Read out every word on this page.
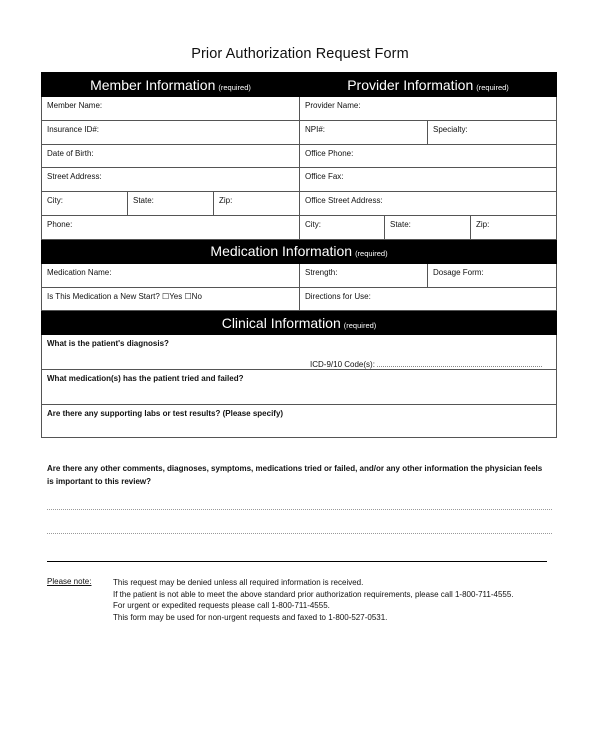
Prior Authorization Request Form
Member Information (required)	Provider Information (required)
Member Name:	Provider Name:
Insurance ID#:	NPI#: Specialty:

Date of Birth:	Office Phone:
Street Address:	Office Fax:

City: State: Zip:	Office Street Address:
Phone:	City: State: Zip:

Medication Information (required)	
Medication Name:	Strength: Dosage Form:

Is This Medication a New Start? ☐Yes ☐No	Directions for Use:
Clinical Information (required)	
What is the patient's diagnosis?
ICD-9/10 Code(s):	

What medication(s) has the patient tried and failed?	
Are there any supporting labs or test results? (Please specify)	
Are there any other comments, diagnoses, symptoms, medications tried or failed, and/or any other information the physician feels
is important to this review?
Please note:	This request may be denied unless all required information is received.
If the patient is not able to meet the above standard prior authorization requirements, please call 1-800-711-4555.
For urgent or expedited requests please call 1-800-711-4555.
This form may be used for non-urgent requests and faxed to 1-800-527-0531.
